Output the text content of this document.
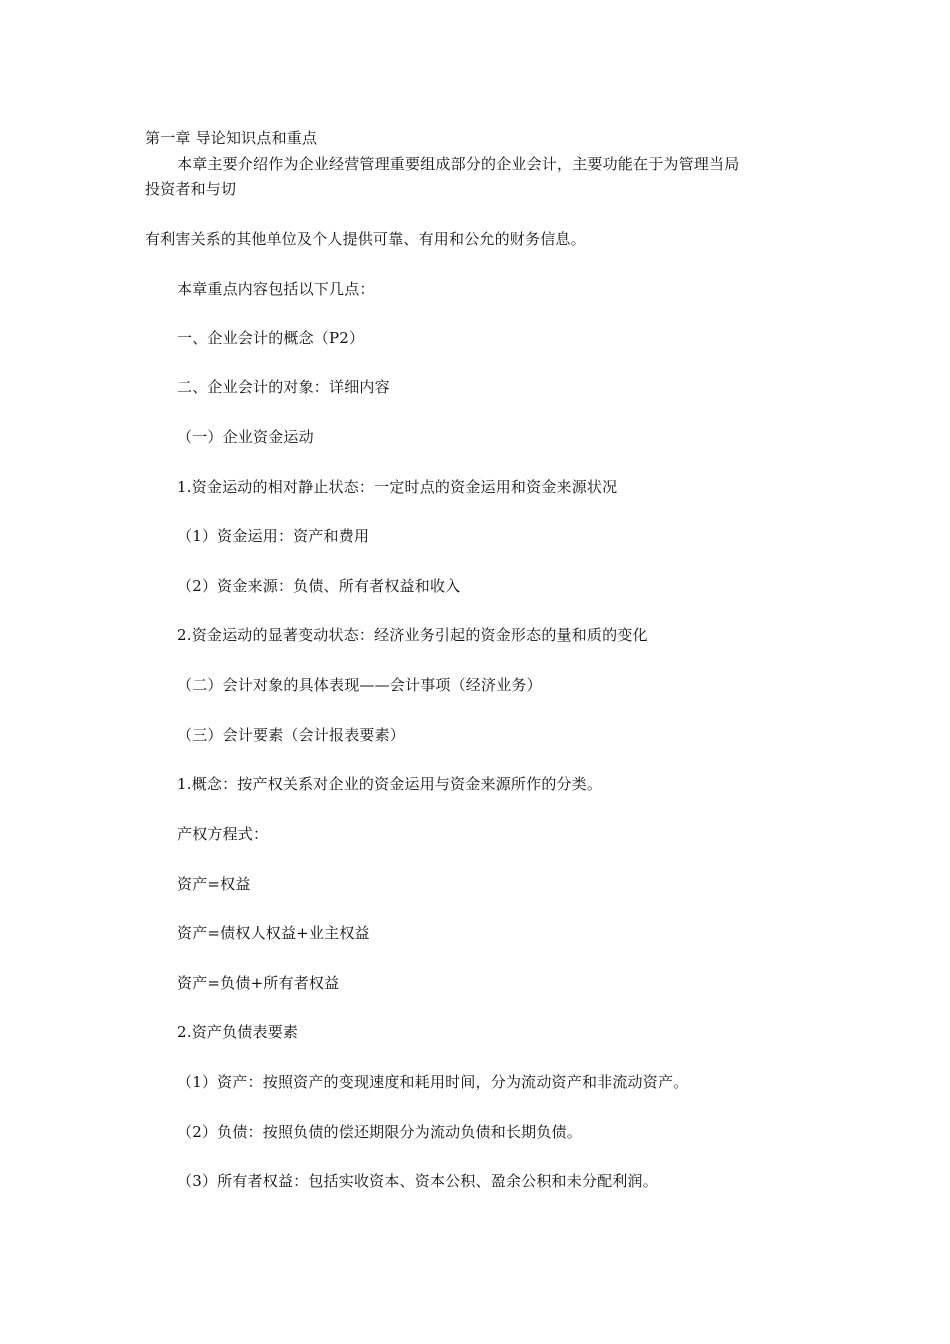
第一章 导论知识点和重点
本章主要介绍作为企业经营管理重要组成部分的企业会计，主要功能在于为管理当局
投资者和与切
有利害关系的其他单位及个人提供可靠、有用和公允的财务信息。
本章重点内容包括以下几点：
一、企业会计的概念（P2）
二、企业会计的对象：详细内容
（一）企业资金运动
1.资金运动的相对静止状态：一定时点的资金运用和资金来源状况
（1）资金运用：资产和费用
（2）资金来源：负债、所有者权益和收入
2.资金运动的显著变动状态：经济业务引起的资金形态的量和质的变化
（二）会计对象的具体表现——会计事项（经济业务）
（三）会计要素（会计报表要素）
1.概念：按产权关系对企业的资金运用与资金来源所作的分类。
产权方程式：
资产=权益
资产=债权人权益+业主权益
资产=负债+所有者权益
2.资产负债表要素
（1）资产：按照资产的变现速度和耗用时间，分为流动资产和非流动资产。
（2）负债：按照负债的偿还期限分为流动负债和长期负债。
（3）所有者权益：包括实收资本、资本公积、盈余公积和未分配利润。
